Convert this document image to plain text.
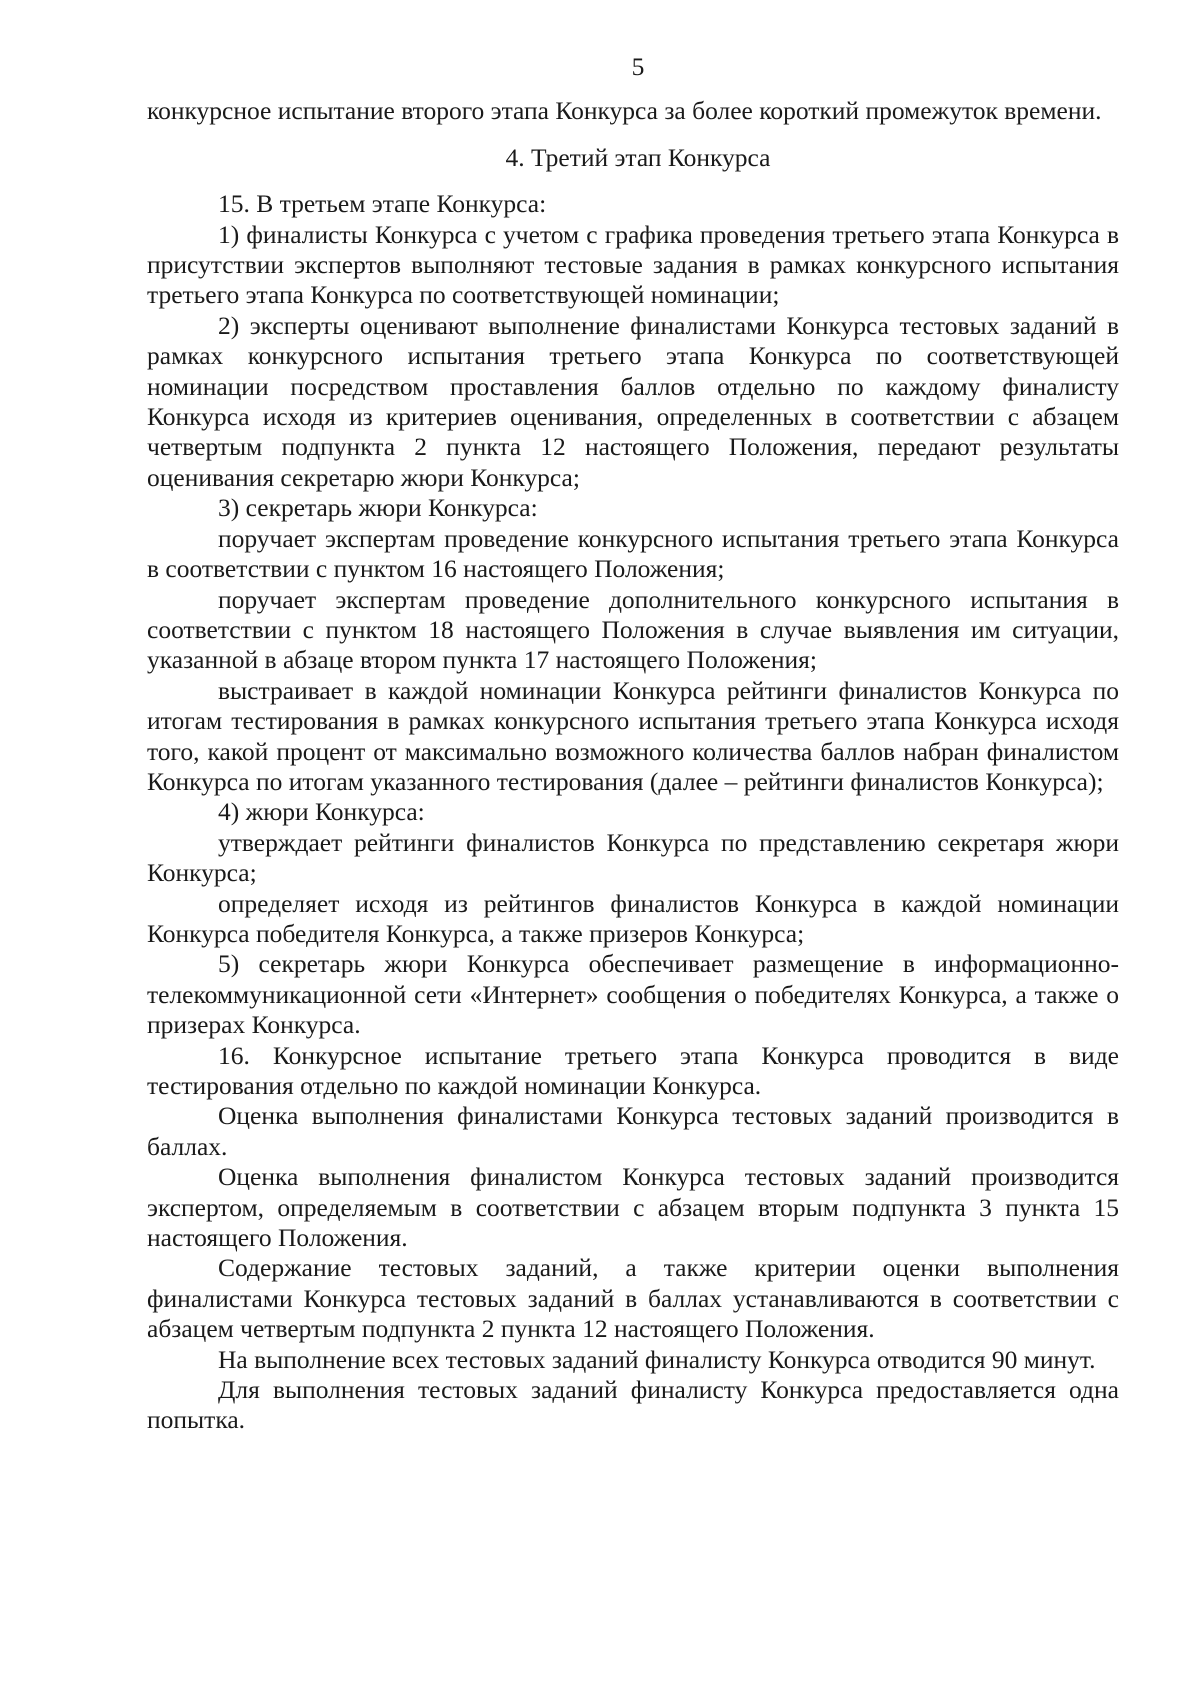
5

конкурсное испытание второго этапа Конкурса за более короткий промежуток времени.

4. Третий этап Конкурса

15. В третьем этапе Конкурса:

1) финалисты Конкурса с учетом с графика проведения третьего этапа Конкурса в присутствии экспертов выполняют тестовые задания в рамках конкурсного испытания третьего этапа Конкурса по соответствующей номинации;

2) эксперты оценивают выполнение финалистами Конкурса тестовых заданий в рамках конкурсного испытания третьего этапа Конкурса по соответствующей номинации посредством проставления баллов отдельно по каждому финалисту Конкурса исходя из критериев оценивания, определенных в соответствии с абзацем четвертым подпункта 2 пункта 12 настоящего Положения, передают результаты оценивания секретарю жюри Конкурса;

3) секретарь жюри Конкурса:

поручает экспертам проведение конкурсного испытания третьего этапа Конкурса в соответствии с пунктом 16 настоящего Положения;

поручает экспертам проведение дополнительного конкурсного испытания в соответствии с пунктом 18 настоящего Положения в случае выявления им ситуации, указанной в абзаце втором пункта 17 настоящего Положения;

выстраивает в каждой номинации Конкурса рейтинги финалистов Конкурса по итогам тестирования в рамках конкурсного испытания третьего этапа Конкурса исходя того, какой процент от максимально возможного количества баллов набран финалистом Конкурса по итогам указанного тестирования (далее – рейтинги финалистов Конкурса);

4) жюри Конкурса:

утверждает рейтинги финалистов Конкурса по представлению секретаря жюри Конкурса;

определяет исходя из рейтингов финалистов Конкурса в каждой номинации Конкурса победителя Конкурса, а также призеров Конкурса;

5) секретарь жюри Конкурса обеспечивает размещение в информационно-телекоммуникационной сети «Интернет» сообщения о победителях Конкурса, а также о призерах Конкурса.

16. Конкурсное испытание третьего этапа Конкурса проводится в виде тестирования отдельно по каждой номинации Конкурса.

Оценка выполнения финалистами Конкурса тестовых заданий производится в баллах.

Оценка выполнения финалистом Конкурса тестовых заданий производится экспертом, определяемым в соответствии с абзацем вторым подпункта 3 пункта 15 настоящего Положения.

Содержание тестовых заданий, а также критерии оценки выполнения финалистами Конкурса тестовых заданий в баллах устанавливаются в соответствии с абзацем четвертым подпункта 2 пункта 12 настоящего Положения.

На выполнение всех тестовых заданий финалисту Конкурса отводится 90 минут.

Для выполнения тестовых заданий финалисту Конкурса предоставляется одна попытка.
